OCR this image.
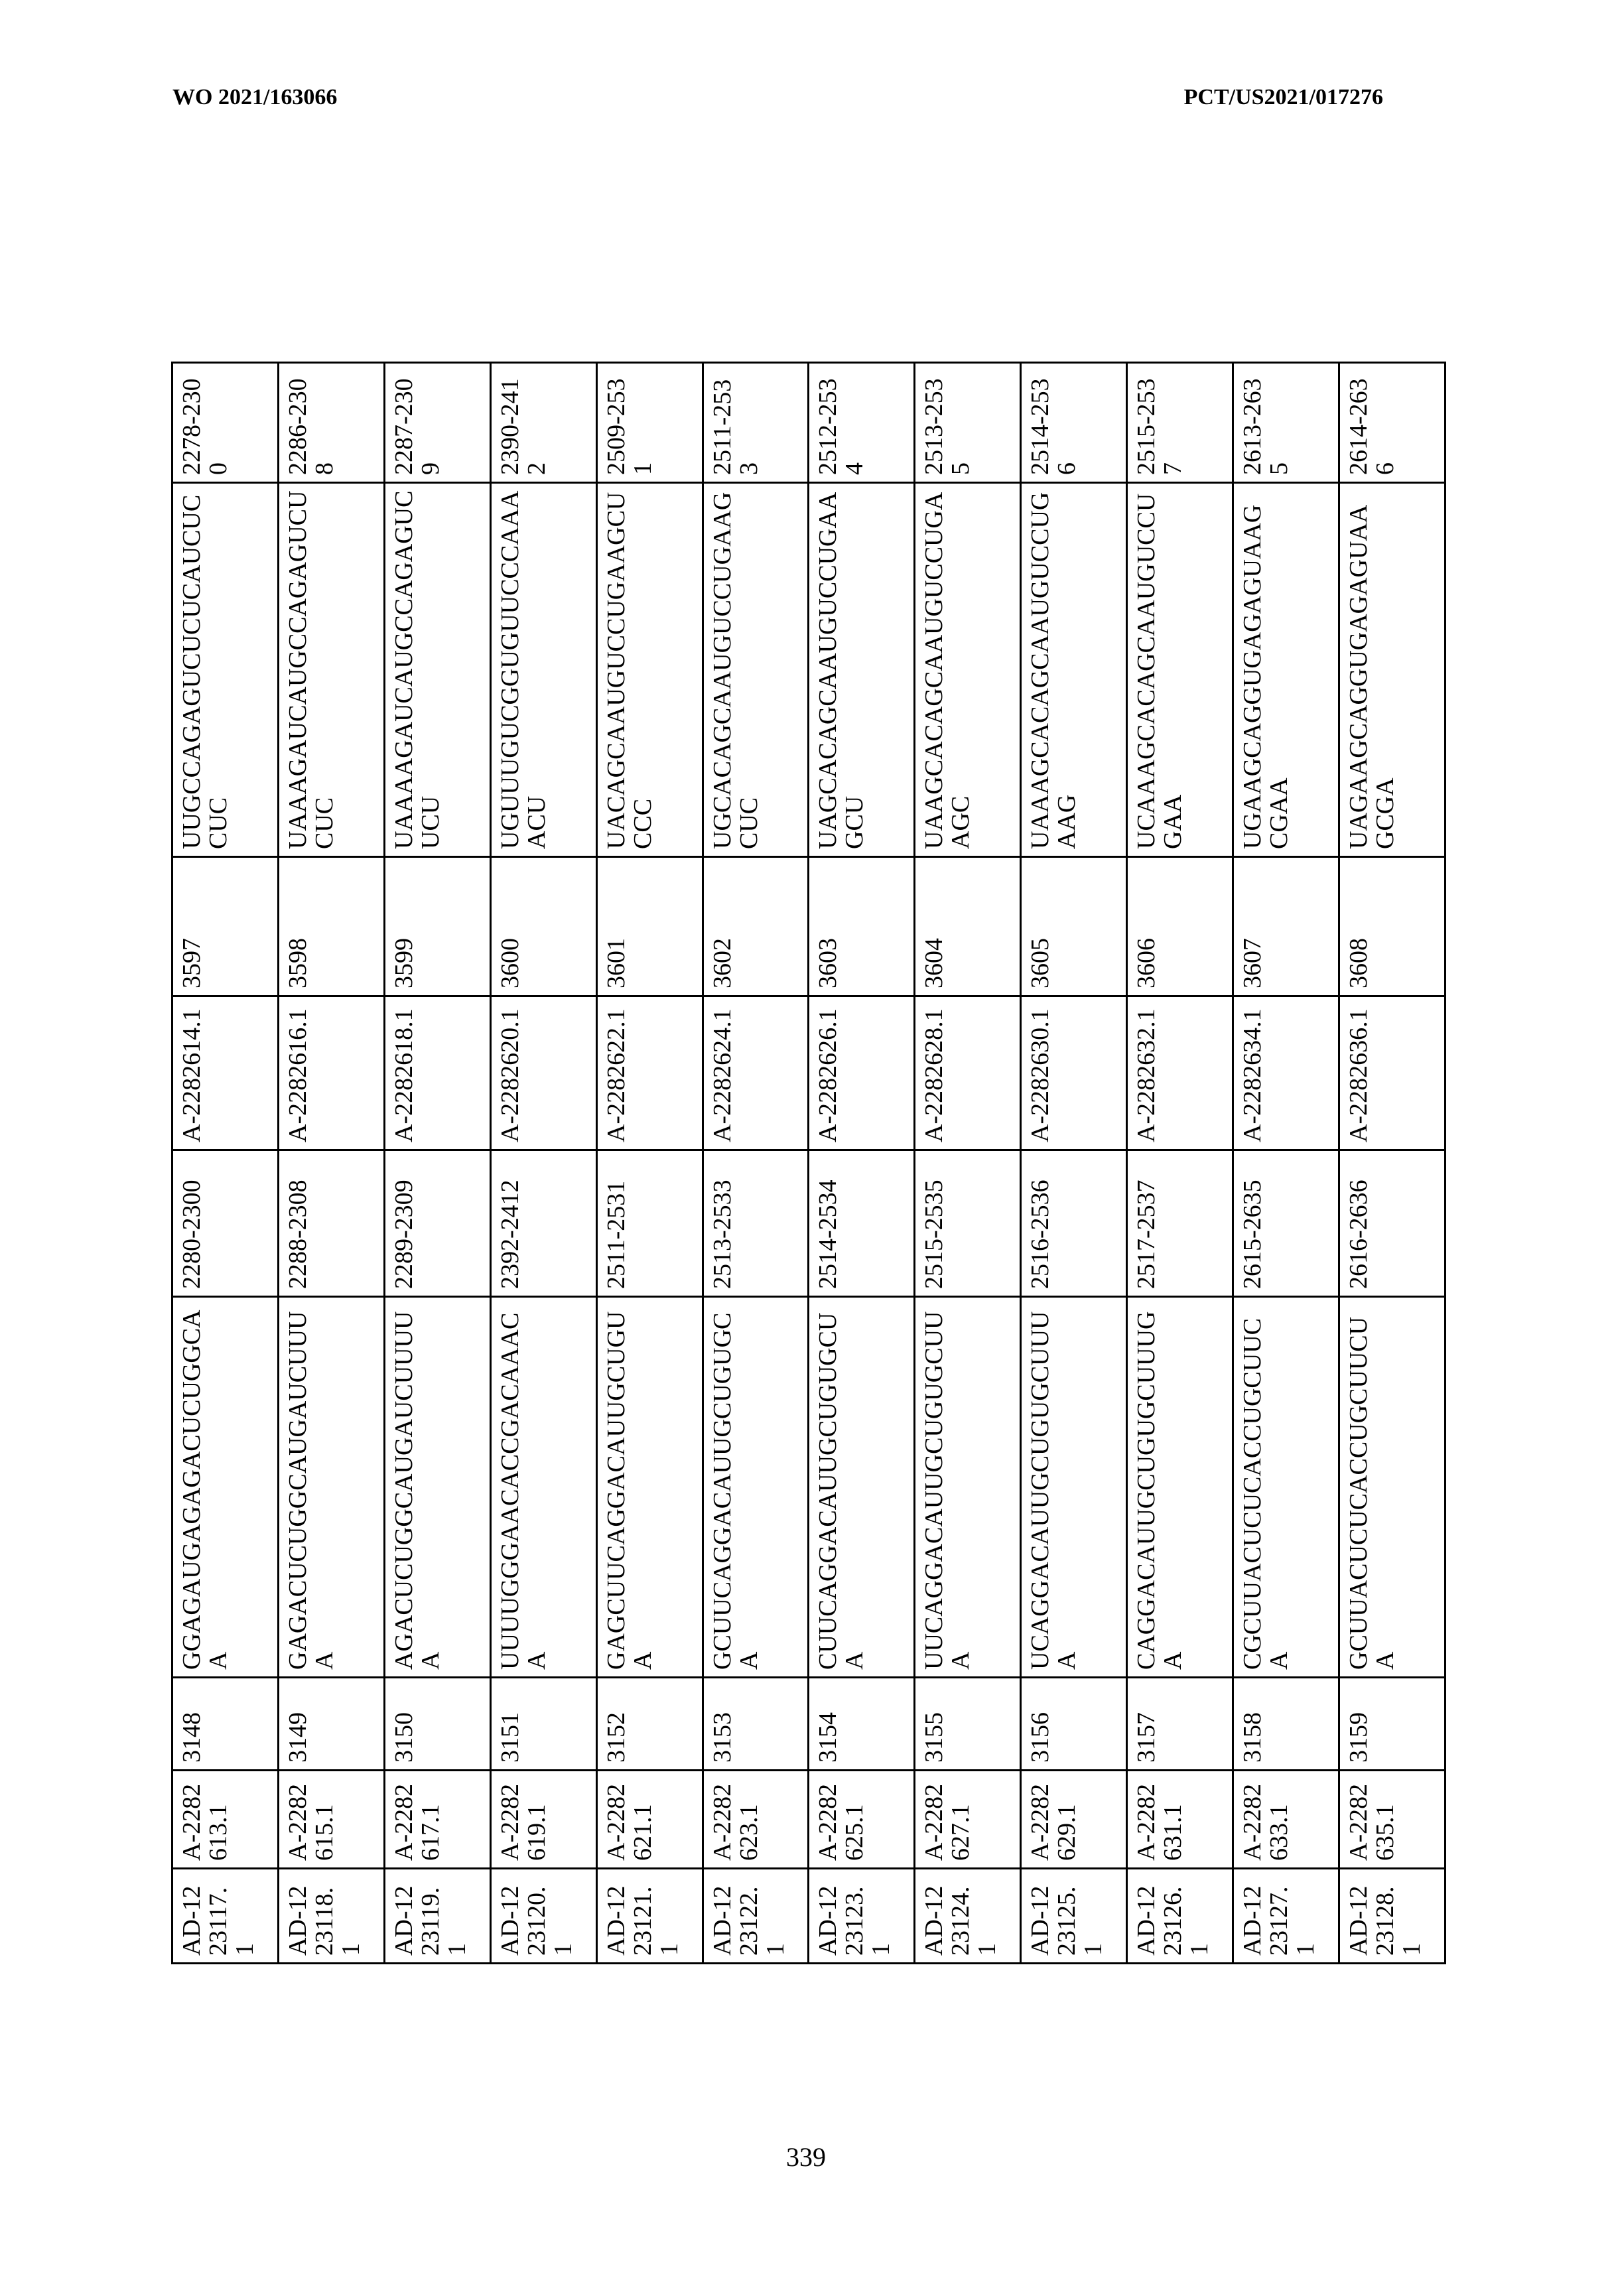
WO 2021/163066	PCT/US2021/017276
AD-1223117.1	A-2282613.1	3148	GGAGAUGAGAGACUCUGGCAA	2280-2300	A-2282614.1	3597	UUGCCAGAGUCUCUCAUCUCCUC	2278-2300
AD-1223118.1	A-2282615.1	3149	GAGACUCUGGCAUGAUCUUUA	2288-2308	A-2282616.1	3598	UAAAGAUCAUGCCAGAGUCUCUC	2286-2308
AD-1223119.1	A-2282617.1	3150	AGACUCUGGCAUGAUCUUUUA	2289-2309	A-2282618.1	3599	UAAAAGAUCAUGCCAGAGUCUCU	2287-2309
AD-1223120.1	A-2282619.1	3151	UUUUGGGAACACCGACAAACA	2392-2412	A-2282620.1	3600	UGUUUGUCGGUGUUCCCAAAACU	2390-2412
AD-1223121.1	A-2282621.1	3152	GAGCUUCAGGACAUUGCUGUA	2511-2531	A-2282622.1	3601	UACAGCAAUGUCCUGAAGCUCCC	2509-2531
AD-1223122.1	A-2282623.1	3153	GCUUCAGGACAUUGCUGUGCA	2513-2533	A-2282624.1	3602	UGCACAGCAAUGUCCUGAAGCUC	2511-2533
AD-1223123.1	A-2282625.1	3154	CUUCAGGACAUUGCUGUGCUA	2514-2534	A-2282626.1	3603	UAGCACAGCAAUGUCCUGAAGCU	2512-2534
AD-1223124.1	A-2282627.1	3155	UUCAGGACAUUGCUGUGCUUA	2515-2535	A-2282628.1	3604	UAAGCACAGCAAUGUCCUGAAGC	2513-2535
AD-1223125.1	A-2282629.1	3156	UCAGGACAUUGCUGUGCUUUA	2516-2536	A-2282630.1	3605	UAAAGCACAGCAAUGUCCUGAAG	2514-2536
AD-1223126.1	A-2282631.1	3157	CAGGACAUUGCUGUGCUUUGA	2517-2537	A-2282632.1	3606	UCAAAGCACAGCAAUGUCCUGAA	2515-2537
AD-1223127.1	A-2282633.1	3158	CGCUUACUCUCACCUGCUUCA	2615-2635	A-2282634.1	3607	UGAAGCAGGUGAGAGUAAGCGAA	2613-2635
AD-1223128.1	A-2282635.1	3159	GCUUACUCUCACCUGCUUCUA	2616-2636	A-2282636.1	3608	UAGAAGCAGGUGAGAGUAAGCGA	2614-2636
339
